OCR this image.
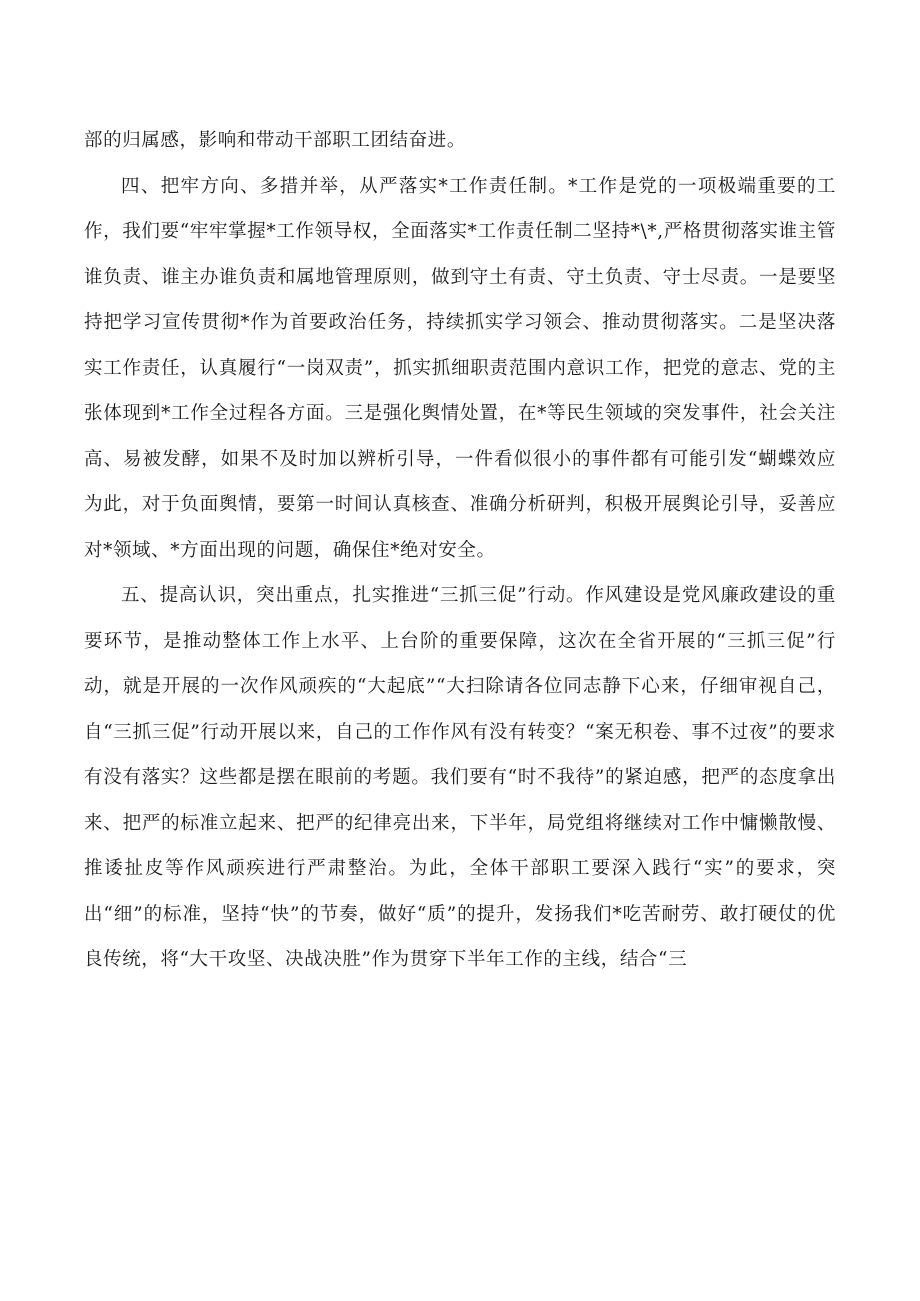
部的归属感，影响和带动干部职工团结奋进。

四、把牢方向、多措并举，从严落实*工作责任制。*工作是党的一项极端重要的工作，我们要“牢牢掌握*工作领导权，全面落实*工作责任制二坚持*\*,严格贯彻落实谁主管谁负责、谁主办谁负责和属地管理原则，做到守土有责、守土负责、守士尽责。一是要坚持把学习宣传贯彻*作为首要政治任务，持续抓实学习领会、推动贯彻落实。二是坚决落实工作责任，认真履行“一岗双责”，抓实抓细职责范围内意识工作，把党的意志、党的主张体现到*工作全过程各方面。三是强化舆情处置，在*等民生领域的突发事件，社会关注高、易被发酵，如果不及时加以辨析引导，一件看似很小的事件都有可能引发“蝴蝶效应为此，对于负面舆情，要第一时间认真核查、准确分析研判，积极开展舆论引导，妥善应对*领域、*方面出现的问题，确保住*绝对安全。

五、提高认识，突出重点，扎实推进“三抓三促”行动。作风建设是党风廉政建设的重要环节，是推动整体工作上水平、上台阶的重要保障，这次在全省开展的“三抓三促”行动，就是开展的一次作风顽疾的“大起底”“大扫除请各位同志静下心来，仔细审视自己，自“三抓三促”行动开展以来，自己的工作作风有没有转变？“案无积卷、事不过夜”的要求有没有落实？这些都是摆在眼前的考题。我们要有“时不我待”的紧迫感，把严的态度拿出来、把严的标准立起来、把严的纪律亮出来，下半年，局党组将继续对工作中慵懒散慢、推诿扯皮等作风顽疾进行严肃整治。为此，全体干部职工要深入践行“实”的要求，突出“细”的标准，坚持“快”的节奏，做好“质”的提升，发扬我们*吃苦耐劳、敢打硬仗的优良传统，将“大干攻坚、决战决胜”作为贯穿下半年工作的主线，结合“三
